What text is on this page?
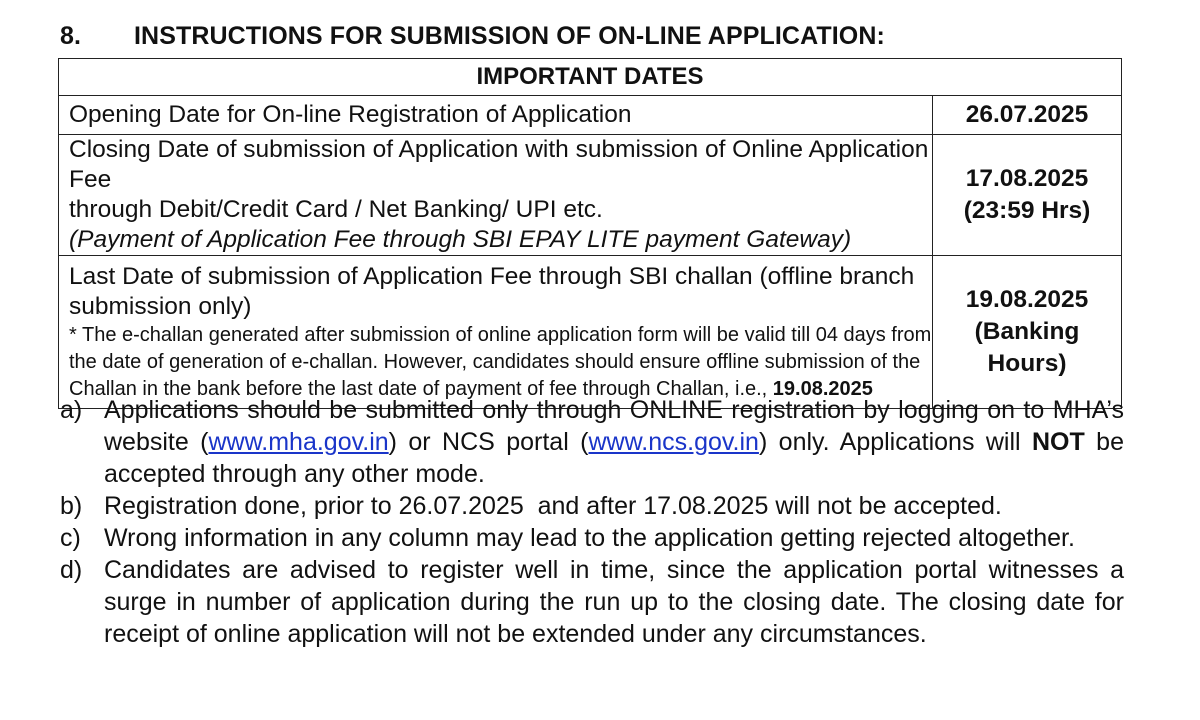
8.	INSTRUCTIONS FOR SUBMISSION OF ON-LINE APPLICATION:
IMPORTANT DATES	
Opening Date for On-line Registration of Application	26.07.2025

Closing Date of submission of Application with submission of Online Application Fee
through Debit/Credit Card / Net Banking/ UPI etc.
(Payment of Application Fee through SBI EPAY LITE payment Gateway)	17.08.2025
(23:59 Hrs)

Last Date of submission of Application Fee through SBI challan (offline branch
submission only)
* The e-challan generated after submission of online application form will be valid till 04 days from the date of generation of e-challan. However, candidates should ensure offline submission of the Challan in the bank before the last date of payment of fee through Challan, i.e., 19.08.2025	19.08.2025
(Banking Hours)
a) Applications should be submitted only through ONLINE registration by logging on to MHA’s website (www.mha.gov.in) or NCS portal (www.ncs.gov.in) only. Applications will NOT be accepted through any other mode.
b) Registration done, prior to 26.07.2025  and after 17.08.2025 will not be accepted.
c) Wrong information in any column may lead to the application getting rejected altogether.
d) Candidates are advised to register well in time, since the application portal witnesses a surge in number of application during the run up to the closing date. The closing date for receipt of online application will not be extended under any circumstances.
